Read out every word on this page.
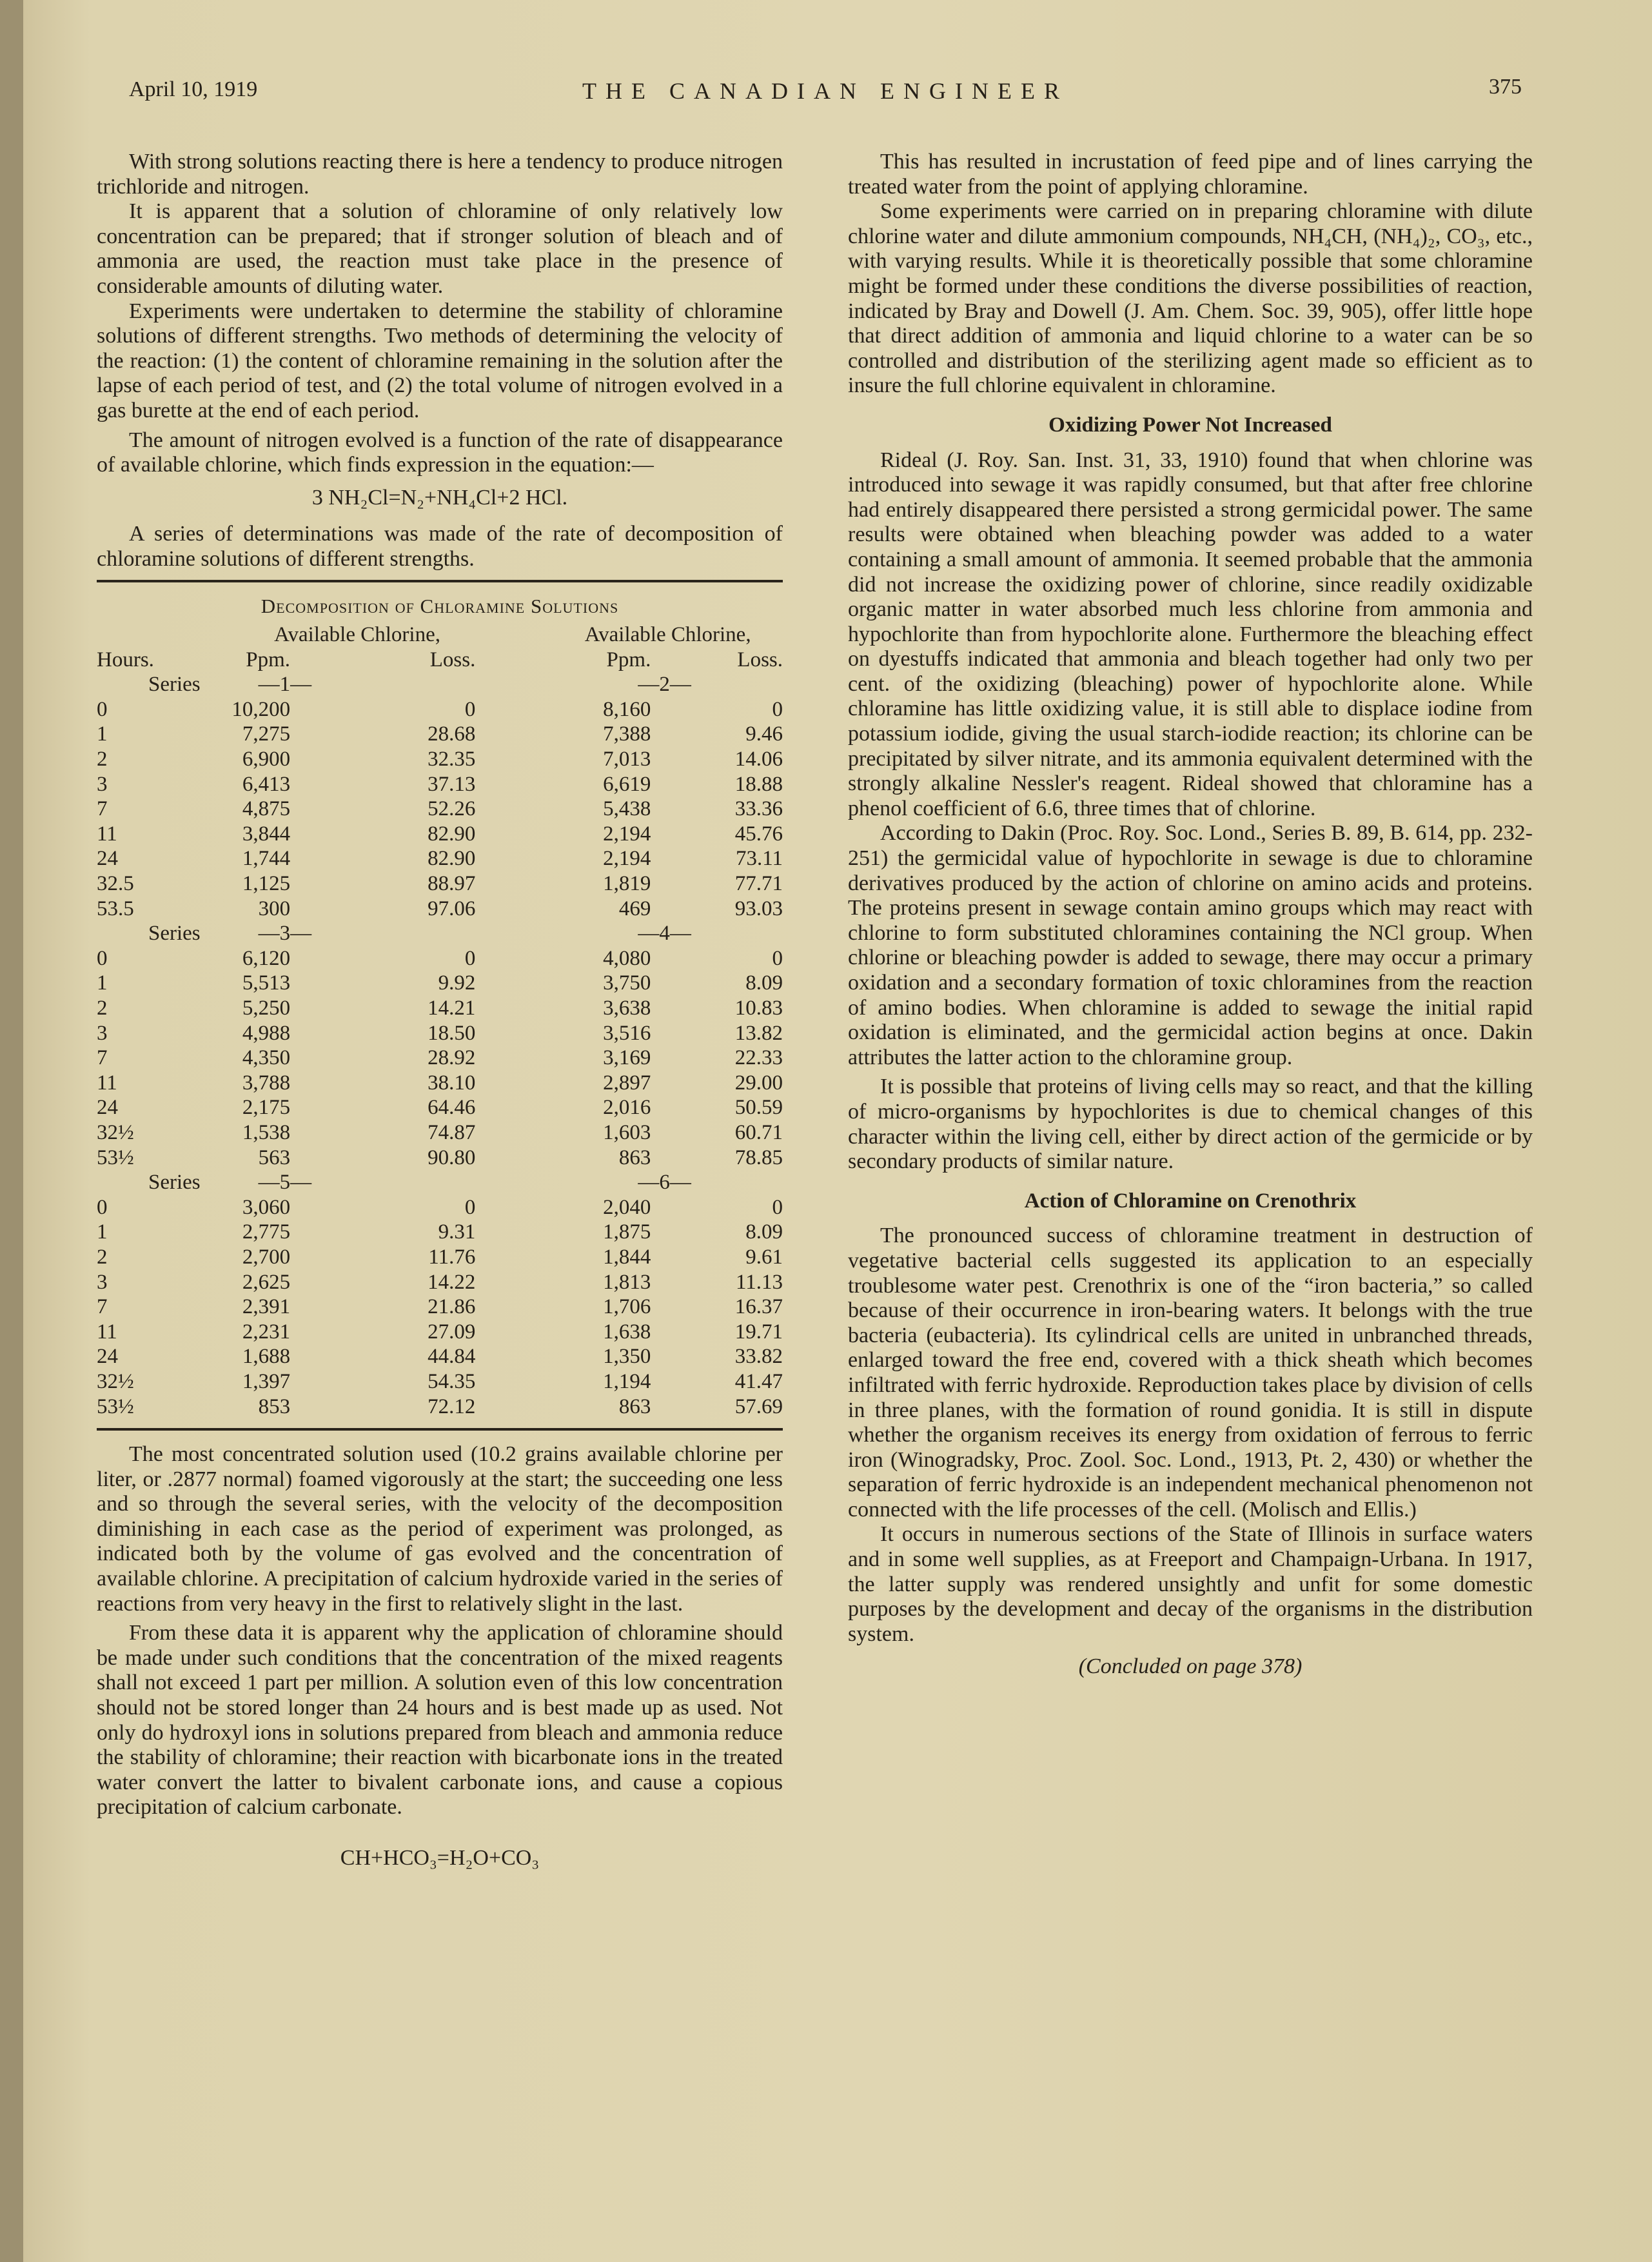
April 10, 1919	THE CANADIAN ENGINEER	375

With strong solutions reacting there is here a tendency to produce nitrogen trichloride and nitrogen.

It is apparent that a solution of chloramine of only relatively low concentration can be prepared; that if stronger solution of bleach and of ammonia are used, the reaction must take place in the presence of considerable amounts of diluting water.

Experiments were undertaken to determine the stability of chloramine solutions of different strengths. Two methods of determining the velocity of the reaction: (1) the content of chloramine remaining in the solution after the lapse of each period of test, and (2) the total volume of nitrogen evolved in a gas burette at the end of each period.

The amount of nitrogen evolved is a function of the rate of disappearance of available chlorine, which finds expression in the equation:—

3 NH₂Cl=N₂+NH₄Cl+2 HCl.

A series of determinations was made of the rate of decomposition of chloramine solutions of different strengths.

Decomposition of Chloramine Solutions
	Available Chlorine,		Available Chlorine,	
Hours.	Ppm.	Loss.	Ppm.	Loss.
Series —1—			—2—	
0	10,200	0	8,160	0
1	7,275	28.68	7,388	9.46
2	6,900	32.35	7,013	14.06
3	6,413	37.13	6,619	18.88
7	4,875	52.26	5,438	33.36
11	3,844	82.90	2,194	45.76
24	1,744	82.90	2,194	73.11
32.5	1,125	88.97	1,819	77.71
53.5	300	97.06	469	93.03
Series —3—			—4—	
0	6,120	0	4,080	0
1	5,513	9.92	3,750	8.09
2	5,250	14.21	3,638	10.83
3	4,988	18.50	3,516	13.82
7	4,350	28.92	3,169	22.33
11	3,788	38.10	2,897	29.00
24	2,175	64.46	2,016	50.59
32½	1,538	74.87	1,603	60.71
53½	563	90.80	863	78.85
Series —5—			—6—	
0	3,060	0	2,040	0
1	2,775	9.31	1,875	8.09
2	2,700	11.76	1,844	9.61
3	2,625	14.22	1,813	11.13
7	2,391	21.86	1,706	16.37
11	2,231	27.09	1,638	19.71
24	1,688	44.84	1,350	33.82
32½	1,397	54.35	1,194	41.47
53½	853	72.12	863	57.69

The most concentrated solution used (10.2 grains available chlorine per liter, or .2877 normal) foamed vigorously at the start; the succeeding one less and so through the several series, with the velocity of the decomposition diminishing in each case as the period of experiment was prolonged, as indicated both by the volume of gas evolved and the concentration of available chlorine. A precipitation of calcium hydroxide varied in the series of reactions from very heavy in the first to relatively slight in the last.

From these data it is apparent why the application of chloramine should be made under such conditions that the concentration of the mixed reagents shall not exceed 1 part per million. A solution even of this low concentration should not be stored longer than 24 hours and is best made up as used. Not only do hydroxyl ions in solutions prepared from bleach and ammonia reduce the stability of chloramine; their reaction with bicarbonate ions in the treated water convert the latter to bivalent carbonate ions, and cause a copious precipitation of calcium carbonate.

CH+HCO₃=H₂O+CO₃

This has resulted in incrustation of feed pipe and of lines carrying the treated water from the point of applying chloramine.

Some experiments were carried on in preparing chloramine with dilute chlorine water and dilute ammonium compounds, NH₄CH, (NH₄)₂, CO₃, etc., with varying results. While it is theoretically possible that some chloramine might be formed under these conditions the diverse possibilities of reaction, indicated by Bray and Dowell (J. Am. Chem. Soc. 39, 905), offer little hope that direct addition of ammonia and liquid chlorine to a water can be so controlled and distribution of the sterilizing agent made so efficient as to insure the full chlorine equivalent in chloramine.

Oxidizing Power Not Increased

Rideal (J. Roy. San. Inst. 31, 33, 1910) found that when chlorine was introduced into sewage it was rapidly consumed, but that after free chlorine had entirely disappeared there persisted a strong germicidal power. The same results were obtained when bleaching powder was added to a water containing a small amount of ammonia. It seemed probable that the ammonia did not increase the oxidizing power of chlorine, since readily oxidizable organic matter in water absorbed much less chlorine from ammonia and hypochlorite than from hypochlorite alone. Furthermore the bleaching effect on dyestuffs indicated that ammonia and bleach together had only two per cent. of the oxidizing (bleaching) power of hypochlorite alone. While chloramine has little oxidizing value, it is still able to displace iodine from potassium iodide, giving the usual starch-iodide reaction; its chlorine can be precipitated by silver nitrate, and its ammonia equivalent determined with the strongly alkaline Nessler's reagent. Rideal showed that chloramine has a phenol coefficient of 6.6, three times that of chlorine.

According to Dakin (Proc. Roy. Soc. Lond., Series B. 89, B. 614, pp. 232-251) the germicidal value of hypochlorite in sewage is due to chloramine derivatives produced by the action of chlorine on amino acids and proteins. The proteins present in sewage contain amino groups which may react with chlorine to form substituted chloramines containing the NCl group. When chlorine or bleaching powder is added to sewage, there may occur a primary oxidation and a secondary formation of toxic chloramines from the reaction of amino bodies. When chloramine is added to sewage the initial rapid oxidation is eliminated, and the germicidal action begins at once. Dakin attributes the latter action to the chloramine group.

It is possible that proteins of living cells may so react, and that the killing of micro-organisms by hypochlorites is due to chemical changes of this character within the living cell, either by direct action of the germicide or by secondary products of similar nature.

Action of Chloramine on Crenothrix

The pronounced success of chloramine treatment in destruction of vegetative bacterial cells suggested its application to an especially troublesome water pest. Crenothrix is one of the “iron bacteria,” so called because of their occurrence in iron-bearing waters. It belongs with the true bacteria (eubacteria). Its cylindrical cells are united in unbranched threads, enlarged toward the free end, covered with a thick sheath which becomes infiltrated with ferric hydroxide. Reproduction takes place by division of cells in three planes, with the formation of round gonidia. It is still in dispute whether the organism receives its energy from oxidation of ferrous to ferric iron (Winogradsky, Proc. Zool. Soc. Lond., 1913, Pt. 2, 430) or whether the separation of ferric hydroxide is an independent mechanical phenomenon not connected with the life processes of the cell. (Molisch and Ellis.)

It occurs in numerous sections of the State of Illinois in surface waters and in some well supplies, as at Freeport and Champaign-Urbana. In 1917, the latter supply was rendered unsightly and unfit for some domestic purposes by the development and decay of the organisms in the distribution system.

(Concluded on page 378)
